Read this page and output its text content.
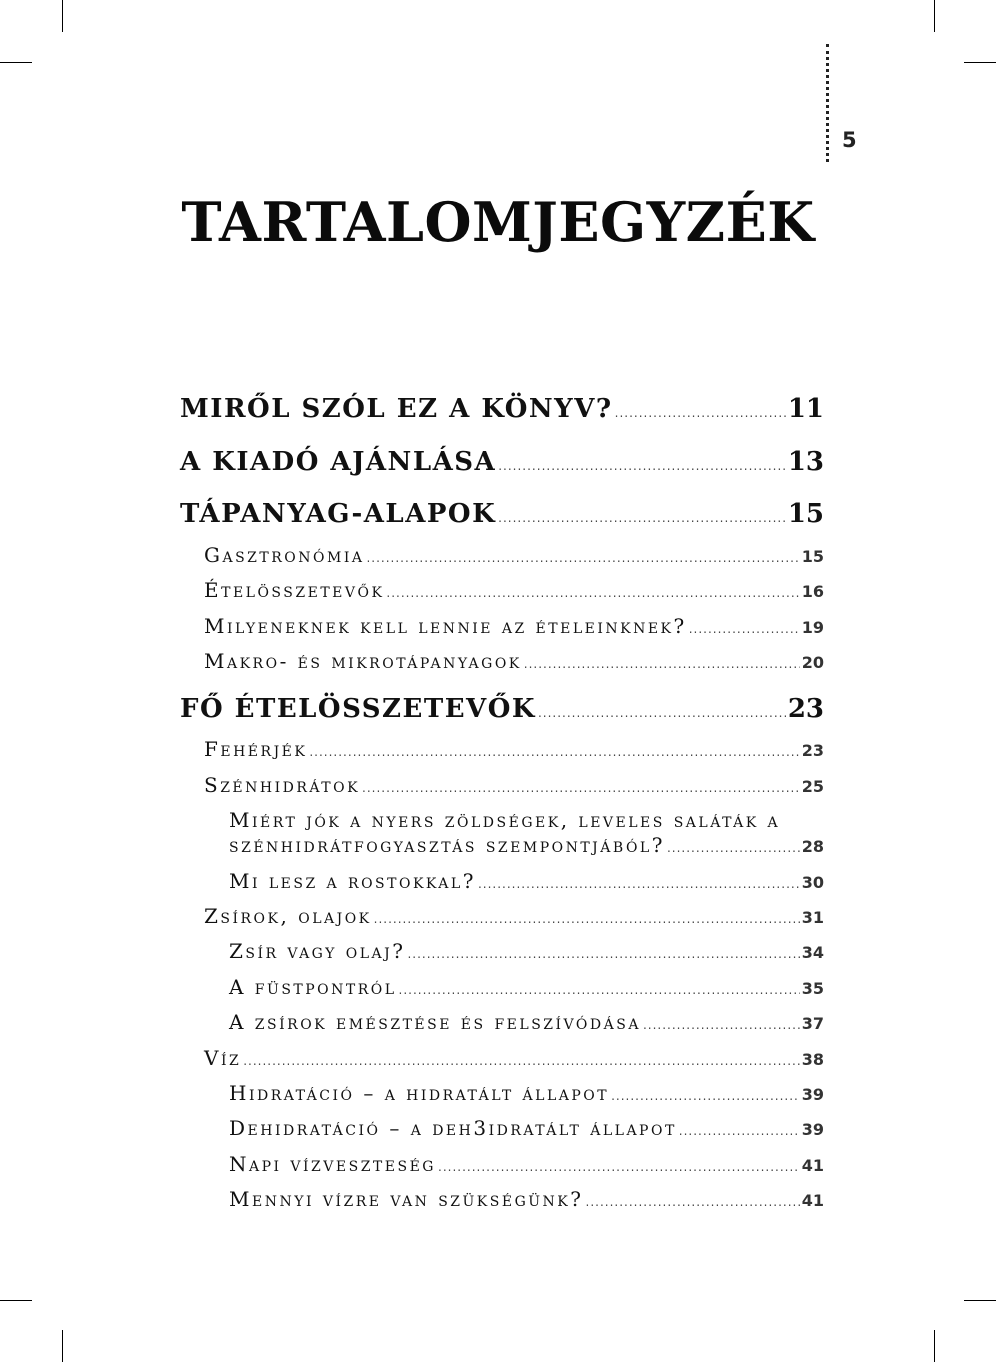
5
TARTALOMJEGYZÉK
MIRŐL SZÓL EZ A KÖNYV? .....	11
A KIADÓ AJÁNLÁSA .....	13
TÁPANYAG-ALAPOK .....	15
Gasztronómia .....	15
Ételösszetevők .....	16
Milyeneknek kell lennie az ételeinknek? .....	19
Makro- és mikrotápanyagok .....	20
FŐ ÉTELÖSSZETEVŐK .....	23
Fehérjék .....	23
Szénhidrátok .....	25
Miért jók a nyers zöldségek, leveles saláták a
szénhidrátfogyasztás szempontjából? .....	28
Mi lesz a rostokkal? .....	30
Zsírok, olajok .....	31
Zsír vagy olaj? .....	34
A füstpontról .....	35
A zsírok emésztése és felszívódása .....	37
Víz .....	38
Hidratáció – a hidratált állapot .....	39
Dehidratáció – a deh3idratált állapot .....	39
Napi vízveszteség .....	41
Mennyi vízre van szükségünk? .....	41
